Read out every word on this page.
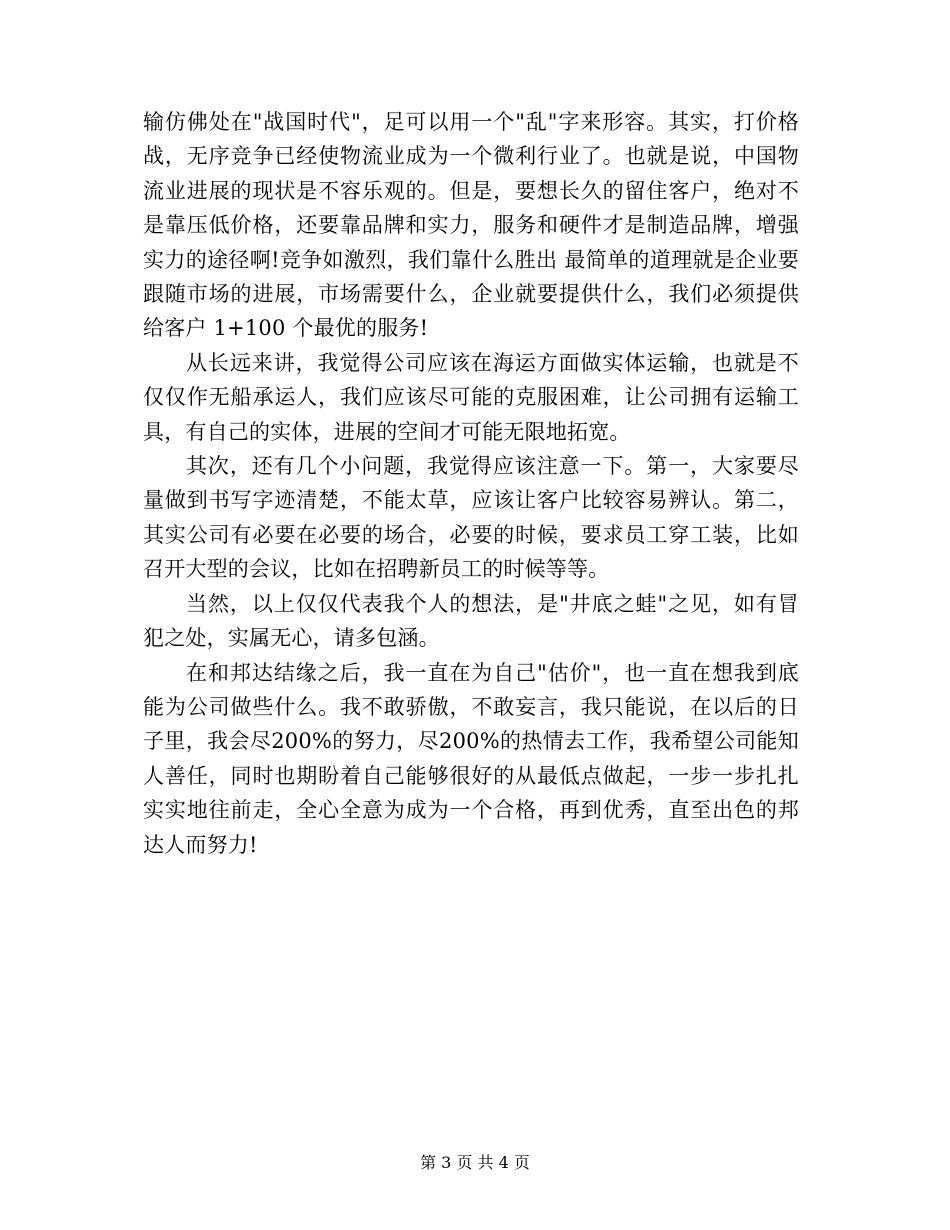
输仿佛处在"战国时代"，足可以用一个"乱"字来形容。其实，打价格战，无序竞争已经使物流业成为一个微利行业了。也就是说，中国物流业进展的现状是不容乐观的。但是，要想长久的留住客户，绝对不是靠压低价格，还要靠品牌和实力，服务和硬件才是制造品牌，增强实力的途径啊!竞争如激烈，我们靠什么胜出 最简单的道理就是企业要跟随市场的进展，市场需要什么，企业就要提供什么，我们必须提供给客户 1+100 个最优的服务!

从长远来讲，我觉得公司应该在海运方面做实体运输，也就是不仅仅作无船承运人，我们应该尽可能的克服困难，让公司拥有运输工具，有自己的实体，进展的空间才可能无限地拓宽。

其次，还有几个小问题，我觉得应该注意一下。第一，大家要尽量做到书写字迹清楚，不能太草，应该让客户比较容易辨认。第二，其实公司有必要在必要的场合，必要的时候，要求员工穿工装，比如召开大型的会议，比如在招聘新员工的时候等等。

当然，以上仅仅代表我个人的想法，是"井底之蛙"之见，如有冒犯之处，实属无心，请多包涵。

在和邦达结缘之后，我一直在为自己"估价"，也一直在想我到底能为公司做些什么。我不敢骄傲，不敢妄言，我只能说，在以后的日子里，我会尽200%的努力，尽200%的热情去工作，我希望公司能知人善任，同时也期盼着自己能够很好的从最低点做起，一步一步扎扎实实地往前走，全心全意为成为一个合格，再到优秀，直至出色的邦达人而努力!

第 3 页 共 4 页
